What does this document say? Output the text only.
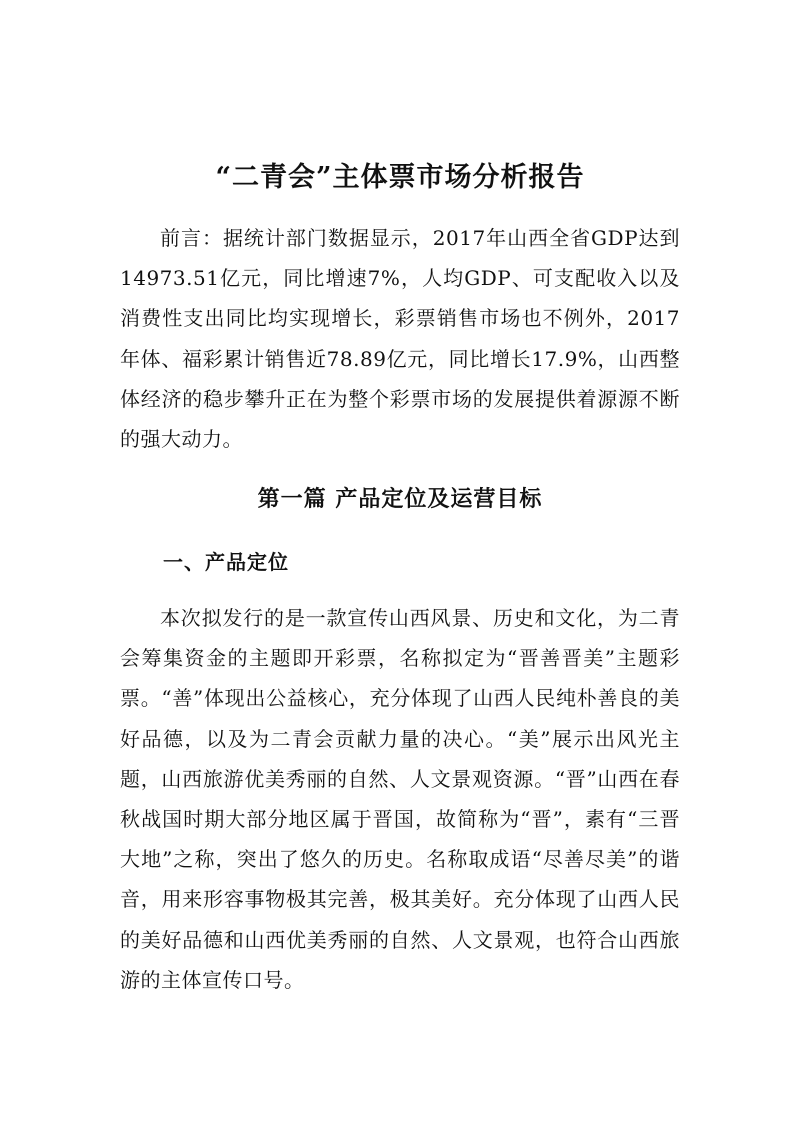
“二青会”主体票市场分析报告

前言：据统计部门数据显示，2017年山西全省GDP达到14973.51亿元，同比增速7%，人均GDP、可支配收入以及消费性支出同比均实现增长，彩票销售市场也不例外，2017年体、福彩累计销售近78.89亿元，同比增长17.9%，山西整体经济的稳步攀升正在为整个彩票市场的发展提供着源源不断的强大动力。

第一篇 产品定位及运营目标
一、产品定位

本次拟发行的是一款宣传山西风景、历史和文化，为二青会筹集资金的主题即开彩票，名称拟定为“晋善晋美”主题彩票。“善”体现出公益核心，充分体现了山西人民纯朴善良的美好品德，以及为二青会贡献力量的决心。“美”展示出风光主题，山西旅游优美秀丽的自然、人文景观资源。“晋”山西在春秋战国时期大部分地区属于晋国，故简称为“晋”，素有“三晋大地”之称，突出了悠久的历史。名称取成语“尽善尽美”的谐音，用来形容事物极其完善，极其美好。充分体现了山西人民的美好品德和山西优美秀丽的自然、人文景观，也符合山西旅游的主体宣传口号。
